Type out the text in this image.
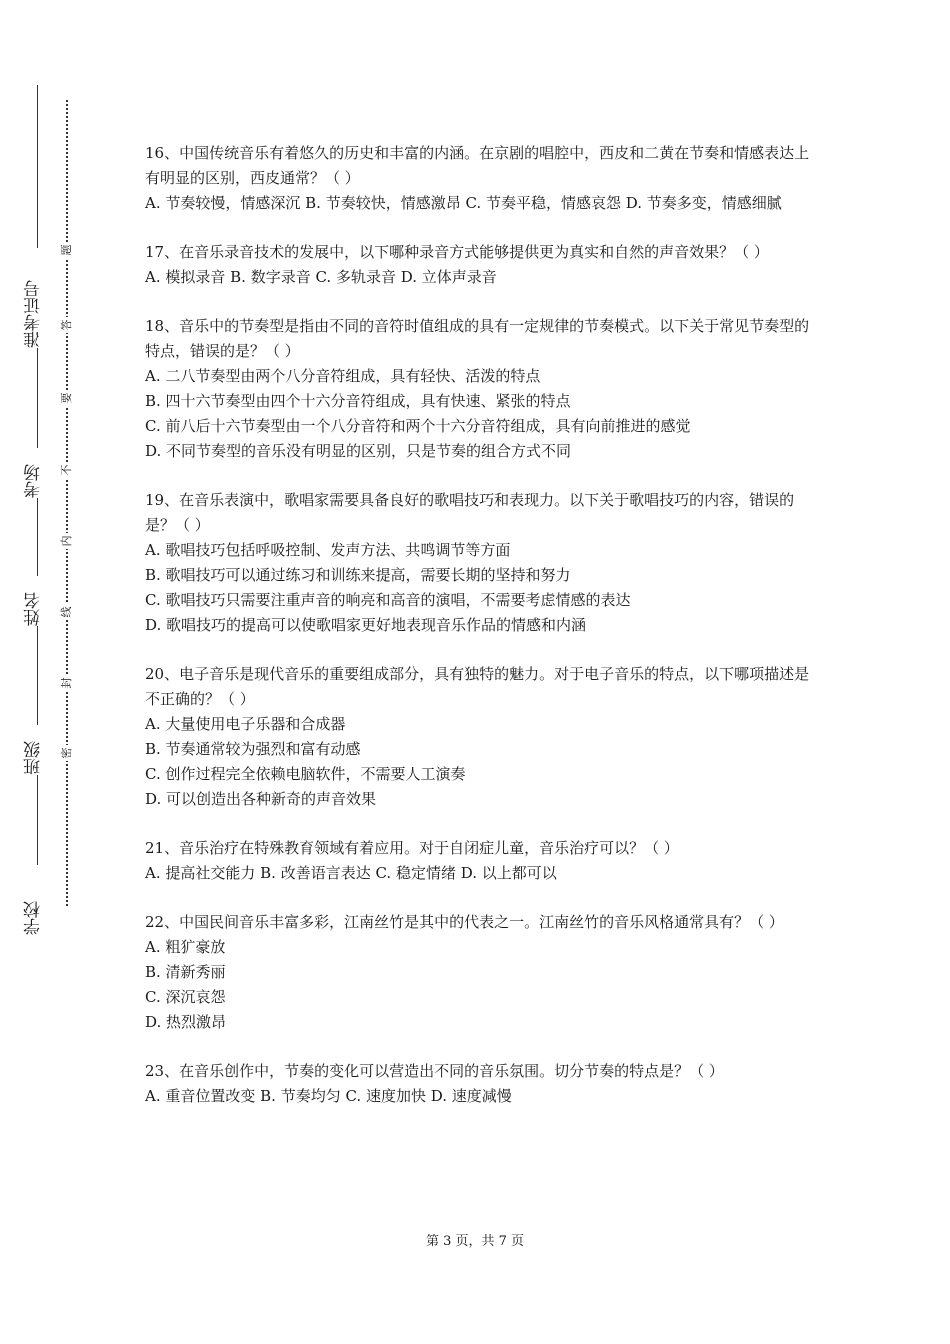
准考证号
考场
姓名
班级
学校
题
答
要
不
内
线
封
密

16、中国传统音乐有着悠久的历史和丰富的内涵。在京剧的唱腔中，西皮和二黄在节奏和情感表达上有明显的区别，西皮通常？（ ）

A. 节奏较慢，情感深沉 B. 节奏较快，情感激昂 C. 节奏平稳，情感哀怨 D. 节奏多变，情感细腻

17、在音乐录音技术的发展中，以下哪种录音方式能够提供更为真实和自然的声音效果？（ ）

A. 模拟录音 B. 数字录音 C. 多轨录音 D. 立体声录音

18、音乐中的节奏型是指由不同的音符时值组成的具有一定规律的节奏模式。以下关于常见节奏型的特点，错误的是？（ ）

A. 二八节奏型由两个八分音符组成，具有轻快、活泼的特点

B. 四十六节奏型由四个十六分音符组成，具有快速、紧张的特点

C. 前八后十六节奏型由一个八分音符和两个十六分音符组成，具有向前推进的感觉

D. 不同节奏型的音乐没有明显的区别，只是节奏的组合方式不同

19、在音乐表演中，歌唱家需要具备良好的歌唱技巧和表现力。以下关于歌唱技巧的内容，错误的是？（ ）

A. 歌唱技巧包括呼吸控制、发声方法、共鸣调节等方面

B. 歌唱技巧可以通过练习和训练来提高，需要长期的坚持和努力

C. 歌唱技巧只需要注重声音的响亮和高音的演唱，不需要考虑情感的表达

D. 歌唱技巧的提高可以使歌唱家更好地表现音乐作品的情感和内涵

20、电子音乐是现代音乐的重要组成部分，具有独特的魅力。对于电子音乐的特点，以下哪项描述是不正确的？（ ）

A. 大量使用电子乐器和合成器

B. 节奏通常较为强烈和富有动感

C. 创作过程完全依赖电脑软件，不需要人工演奏

D. 可以创造出各种新奇的声音效果

21、音乐治疗在特殊教育领域有着应用。对于自闭症儿童，音乐治疗可以？（ ）

A. 提高社交能力 B. 改善语言表达 C. 稳定情绪 D. 以上都可以

22、中国民间音乐丰富多彩，江南丝竹是其中的代表之一。江南丝竹的音乐风格通常具有？（ ）

A. 粗犷豪放

B. 清新秀丽

C. 深沉哀怨

D. 热烈激昂

23、在音乐创作中，节奏的变化可以营造出不同的音乐氛围。切分节奏的特点是？（ ）

A. 重音位置改变 B. 节奏均匀 C. 速度加快 D. 速度减慢

第 3 页，共 7 页
